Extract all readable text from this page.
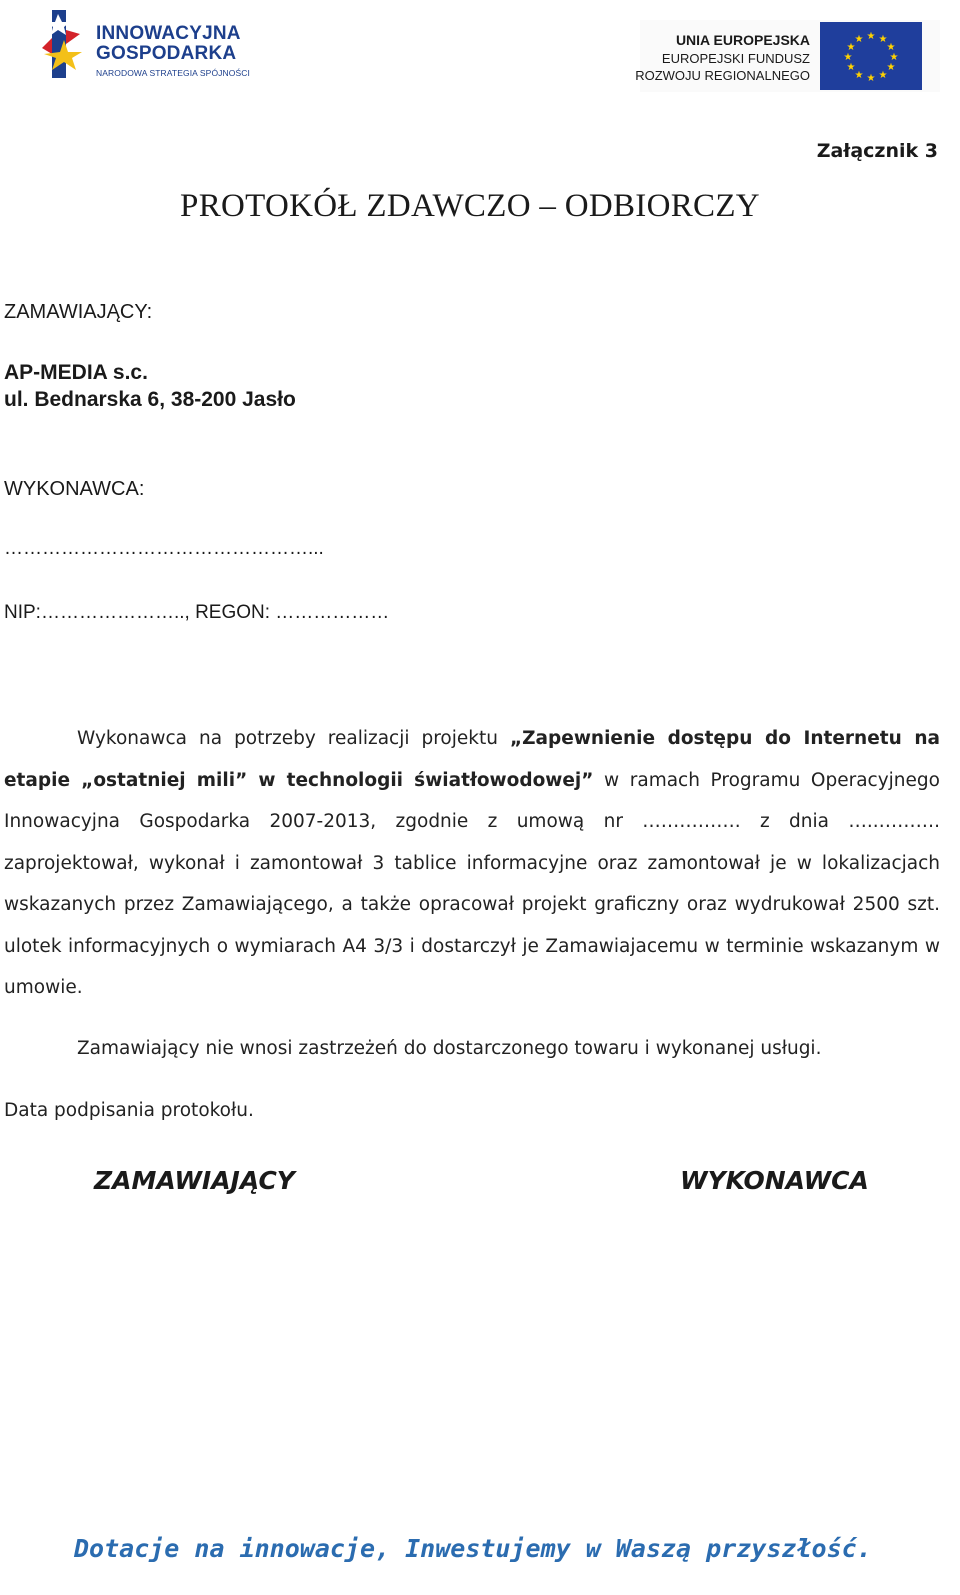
INNOWACYJNA
GOSPODARKA
NARODOWA STRATEGIA SPÓJNOŚCI
UNIA EUROPEJSKA
EUROPEJSKI FUNDUSZ
ROZWOJU REGIONALNEGO
★ ★
★
★
★
★
★
★
★
★
★
★
Załącznik 3
PROTOKÓŁ ZDAWCZO – ODBIORCZY
ZAMAWIAJĄCY:
AP-MEDIA s.c.
ul. Bednarska 6, 38-200 Jasło
WYKONAWCA:
…………………………………………...
NIP:………………….., REGON: ………………
Wykonawca na potrzeby realizacji projektu „Zapewnienie dostępu do Internetu na etapie „ostatniej mili” w technologii światłowodowej” w ramach Programu Operacyjnego Innowacyjna Gospodarka 2007-2013, zgodnie z umową nr ……………. z dnia …..………. zaprojektował, wykonał i zamontował 3 tablice informacyjne oraz zamontował je w lokalizacjach wskazanych przez Zamawiającego, a także opracował projekt graficzny oraz wydrukował 2500 szt. ulotek informacyjnych o wymiarach A4 3/3 i dostarczył je Zamawiajacemu w terminie wskazanym w umowie.
Zamawiający nie wnosi zastrzeżeń do dostarczonego towaru i wykonanej usługi.
Data podpisania protokołu.
ZAMAWIAJĄCY	WYKONAWCA
Dotacje na innowacje, Inwestujemy w Waszą przyszłość.
